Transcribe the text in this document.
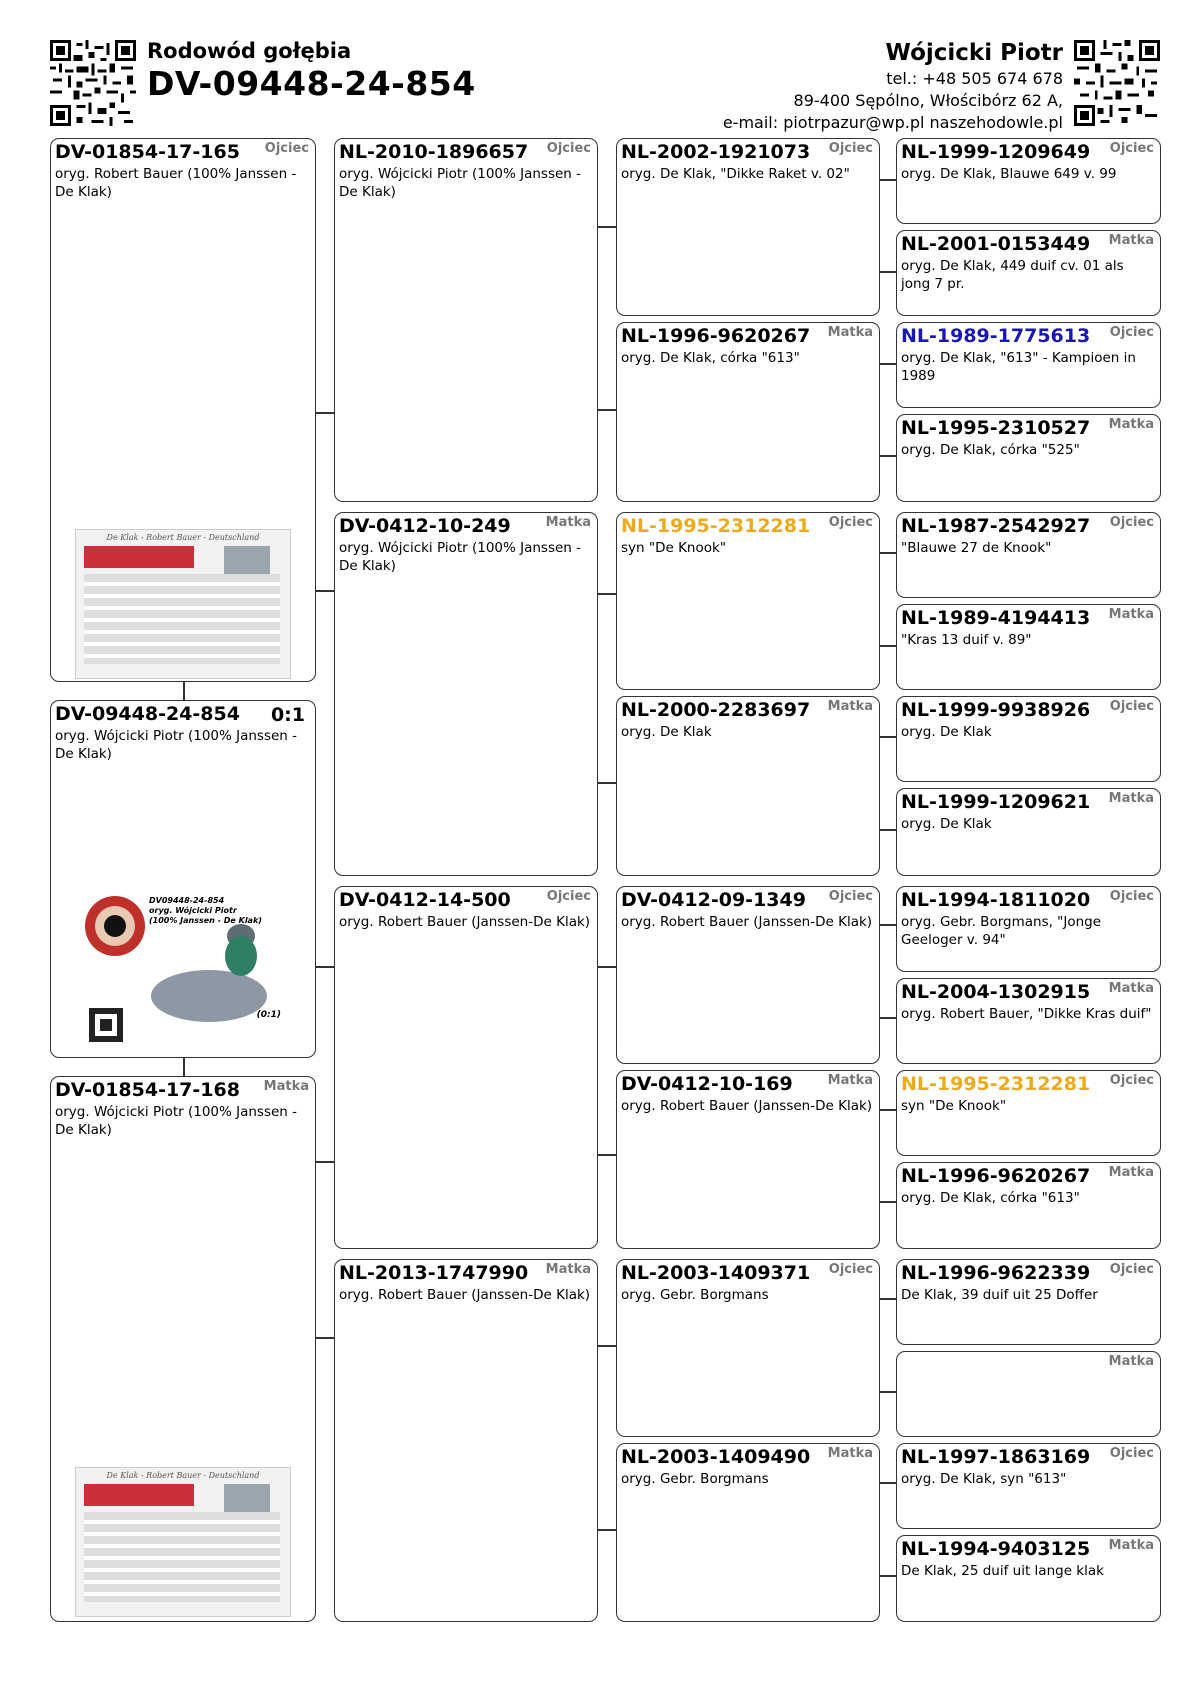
Rodowód gołębia
DV-09448-24-854
Wójcicki Piotr
tel.: +48 505 674 678
89-400 Sępólno, Włościbórz 62 A,
e-mail: piotrpazur@wp.pl naszehodowle.pl
DV-01854-17-165	Ojciec
oryg. Robert Bauer (100% Janssen - De Klak)
De Klak - Robert Bauer - Deutschland
DV-09448-24-854	0:1
oryg. Wójcicki Piotr (100% Janssen - De Klak)
DV09448-24-854
oryg. Wójcicki Piotr
(100% Janssen - De Klak)
(0:1)
DV-01854-17-168	Matka
oryg. Wójcicki Piotr (100% Janssen - De Klak)
De Klak - Robert Bauer - Deutschland
NL-2010-1896657	Ojciec
oryg. Wójcicki Piotr (100% Janssen - De Klak)
DV-0412-10-249	Matka
oryg. Wójcicki Piotr (100% Janssen - De Klak)
DV-0412-14-500	Ojciec
oryg. Robert Bauer (Janssen-De Klak)
NL-2013-1747990	Matka
oryg. Robert Bauer (Janssen-De Klak)
NL-2002-1921073	Ojciec
oryg. De Klak, "Dikke Raket v. 02"
NL-1996-9620267	Matka
oryg. De Klak, córka "613"
NL-1995-2312281	Ojciec
syn "De Knook"
NL-2000-2283697	Matka
oryg. De Klak
DV-0412-09-1349	Ojciec
oryg. Robert Bauer (Janssen-De Klak)
DV-0412-10-169	Matka
oryg. Robert Bauer (Janssen-De Klak)
NL-2003-1409371	Ojciec
oryg. Gebr. Borgmans
NL-2003-1409490	Matka
oryg. Gebr. Borgmans
NL-1999-1209649	Ojciec
oryg. De Klak, Blauwe 649 v. 99
NL-2001-0153449	Matka
oryg. De Klak, 449 duif cv. 01 als jong 7 pr.
NL-1989-1775613	Ojciec
oryg. De Klak, "613" - Kampioen in 1989
NL-1995-2310527	Matka
oryg. De Klak, córka "525"
NL-1987-2542927	Ojciec
"Blauwe 27 de Knook"
NL-1989-4194413	Matka
"Kras 13 duif v. 89"
NL-1999-9938926	Ojciec
oryg. De Klak
NL-1999-1209621	Matka
oryg. De Klak
NL-1994-1811020	Ojciec
oryg. Gebr. Borgmans, "Jonge Geeloger v. 94"
NL-2004-1302915	Matka
oryg. Robert Bauer, "Dikke Kras duif"
NL-1995-2312281	Ojciec
syn "De Knook"
NL-1996-9620267	Matka
oryg. De Klak, córka "613"
NL-1996-9622339	Ojciec
De Klak, 39 duif uit 25 Doffer
Matka
NL-1997-1863169	Ojciec
oryg. De Klak, syn "613"
NL-1994-9403125	Matka
De Klak, 25 duif uit lange klak
